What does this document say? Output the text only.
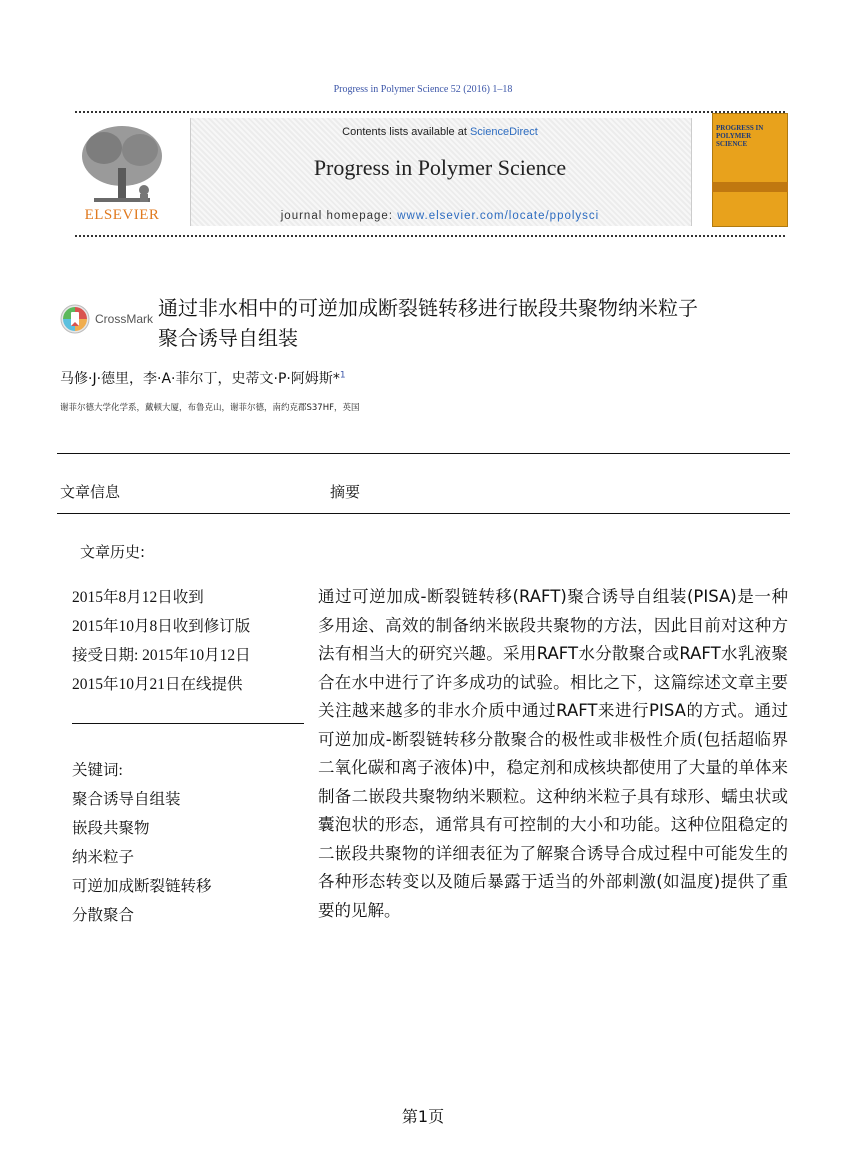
Progress in Polymer Science 52 (2016) 1–18
ELSEVIER
Contents lists available at ScienceDirect
Progress in Polymer Science
journal homepage: www.elsevier.com/locate/ppolysci
PROGRESS IN POLYMER SCIENCE
CrossMark 通过非水相中的可逆加成断裂链转移进行嵌段共聚物纳米粒子聚合诱导自组装
马修·J·德里，李·A·菲尔丁，史蒂文·P·阿姆斯*$^1$
谢菲尔德大学化学系，戴顿大厦，布鲁克山，谢菲尔德，南约克郡S37HF，英国
文章信息	摘要
文章历史:
2015年8月12日收到
2015年10月8日收到修订版
接受日期: 2015年10月12日
2015年10月21日在线提供
关键词:
聚合诱导自组装
嵌段共聚物
纳米粒子
可逆加成断裂链转移
分散聚合
通过可逆加成-断裂链转移(RAFT)聚合诱导自组装(PISA)是一种多用途、高效的制备纳米嵌段共聚物的方法，因此目前对这种方法有相当大的研究兴趣。采用RAFT水分散聚合或RAFT水乳液聚合在水中进行了许多成功的试验。相比之下，这篇综述文章主要关注越来越多的非水介质中通过RAFT来进行PISA的方式。通过可逆加成-断裂链转移分散聚合的极性或非极性介质(包括超临界二氧化碳和离子液体)中，稳定剂和成核块都使用了大量的单体来制备二嵌段共聚物纳米颗粒。这种纳米粒子具有球形、蠕虫状或囊泡状的形态，通常具有可控制的大小和功能。这种位阻稳定的二嵌段共聚物的详细表征为了解聚合诱导合成过程中可能发生的各种形态转变以及随后暴露于适当的外部刺激(如温度)提供了重要的见解。
第1页
